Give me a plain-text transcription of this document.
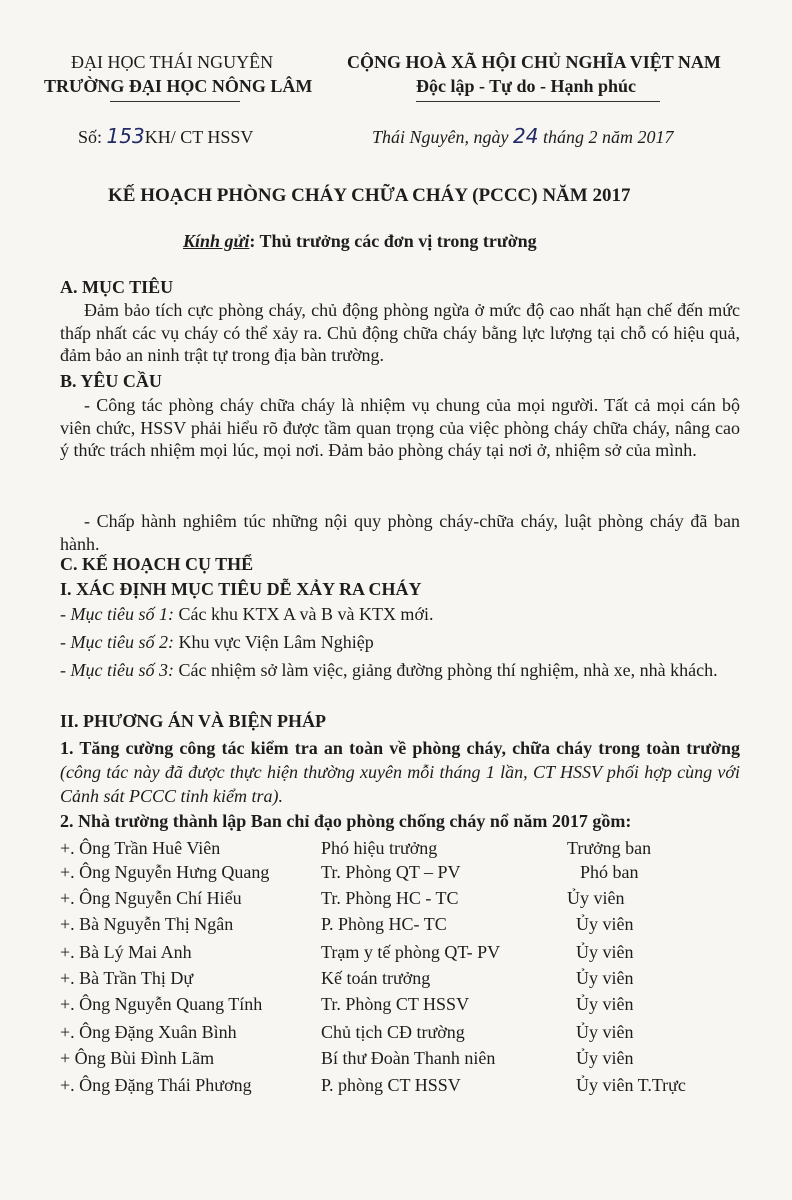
ĐẠI HỌC THÁI NGUYÊN
TRƯỜNG ĐẠI HỌC NÔNG LÂM
CỘNG HOÀ XÃ HỘI CHỦ NGHĨA VIỆT NAM
Độc lập - Tự do - Hạnh phúc
Số: 153KH/ CT HSSV	Thái Nguyên, ngày 24 tháng 2 năm 2017
KẾ HOẠCH PHÒNG CHÁY CHỮA CHÁY (PCCC) NĂM 2017
Kính gửi: Thủ trưởng các đơn vị trong trường
A. MỤC TIÊU
Đảm bảo tích cực phòng cháy, chủ động phòng ngừa ở mức độ cao nhất hạn chế đến mức thấp nhất các vụ cháy có thể xảy ra. Chủ động chữa cháy bằng lực lượng tại chỗ có hiệu quả, đảm bảo an ninh trật tự trong địa bàn trường.
B. YÊU CẦU
- Công tác phòng cháy chữa cháy là nhiệm vụ chung của mọi người. Tất cả mọi cán bộ viên chức, HSSV phải hiểu rõ được tầm quan trọng của việc phòng cháy chữa cháy, nâng cao ý thức trách nhiệm mọi lúc, mọi nơi. Đảm bảo phòng cháy tại nơi ở, nhiệm sở của mình.
- Chấp hành nghiêm túc những nội quy phòng cháy-chữa cháy, luật phòng cháy đã ban hành.
C. KẾ HOẠCH CỤ THỂ
I. XÁC ĐỊNH MỤC TIÊU DỄ XẢY RA CHÁY
- Mục tiêu số 1: Các khu KTX A và B và KTX mới.
- Mục tiêu số 2: Khu vực Viện Lâm Nghiệp
- Mục tiêu số 3: Các nhiệm sở làm việc, giảng đường phòng thí nghiệm, nhà xe, nhà khách.
II. PHƯƠNG ÁN VÀ BIỆN PHÁP
1. Tăng cường công tác kiểm tra an toàn về phòng cháy, chữa cháy trong toàn trường (công tác này đã được thực hiện thường xuyên mỗi tháng 1 lần, CT HSSV phối hợp cùng với Cảnh sát PCCC tỉnh kiểm tra).
2. Nhà trường thành lập Ban chỉ đạo phòng chống cháy nổ năm 2017 gồm:
+. Ông Trần Huê Viên	Phó hiệu trưởng	Trưởng ban
+. Ông Nguyễn Hưng Quang	Tr. Phòng QT – PV	Phó ban
+. Ông Nguyễn Chí Hiểu	Tr. Phòng HC - TC	Ủy viên
+. Bà Nguyễn Thị Ngân	P. Phòng HC- TC	Ủy viên
+. Bà Lý Mai Anh	Trạm y tế phòng QT- PV	Ủy viên
+. Bà Trần Thị Dự	Kế toán trưởng	Ủy viên
+. Ông Nguyễn Quang Tính	Tr. Phòng CT HSSV	Ủy viên
+. Ông Đặng Xuân Bình	Chủ tịch CĐ trường	Ủy viên
+ Ông Bùi Đình Lãm	Bí thư Đoàn Thanh niên	Ủy viên
+. Ông Đặng Thái Phương	P. phòng CT HSSV	Ủy viên T.Trực
